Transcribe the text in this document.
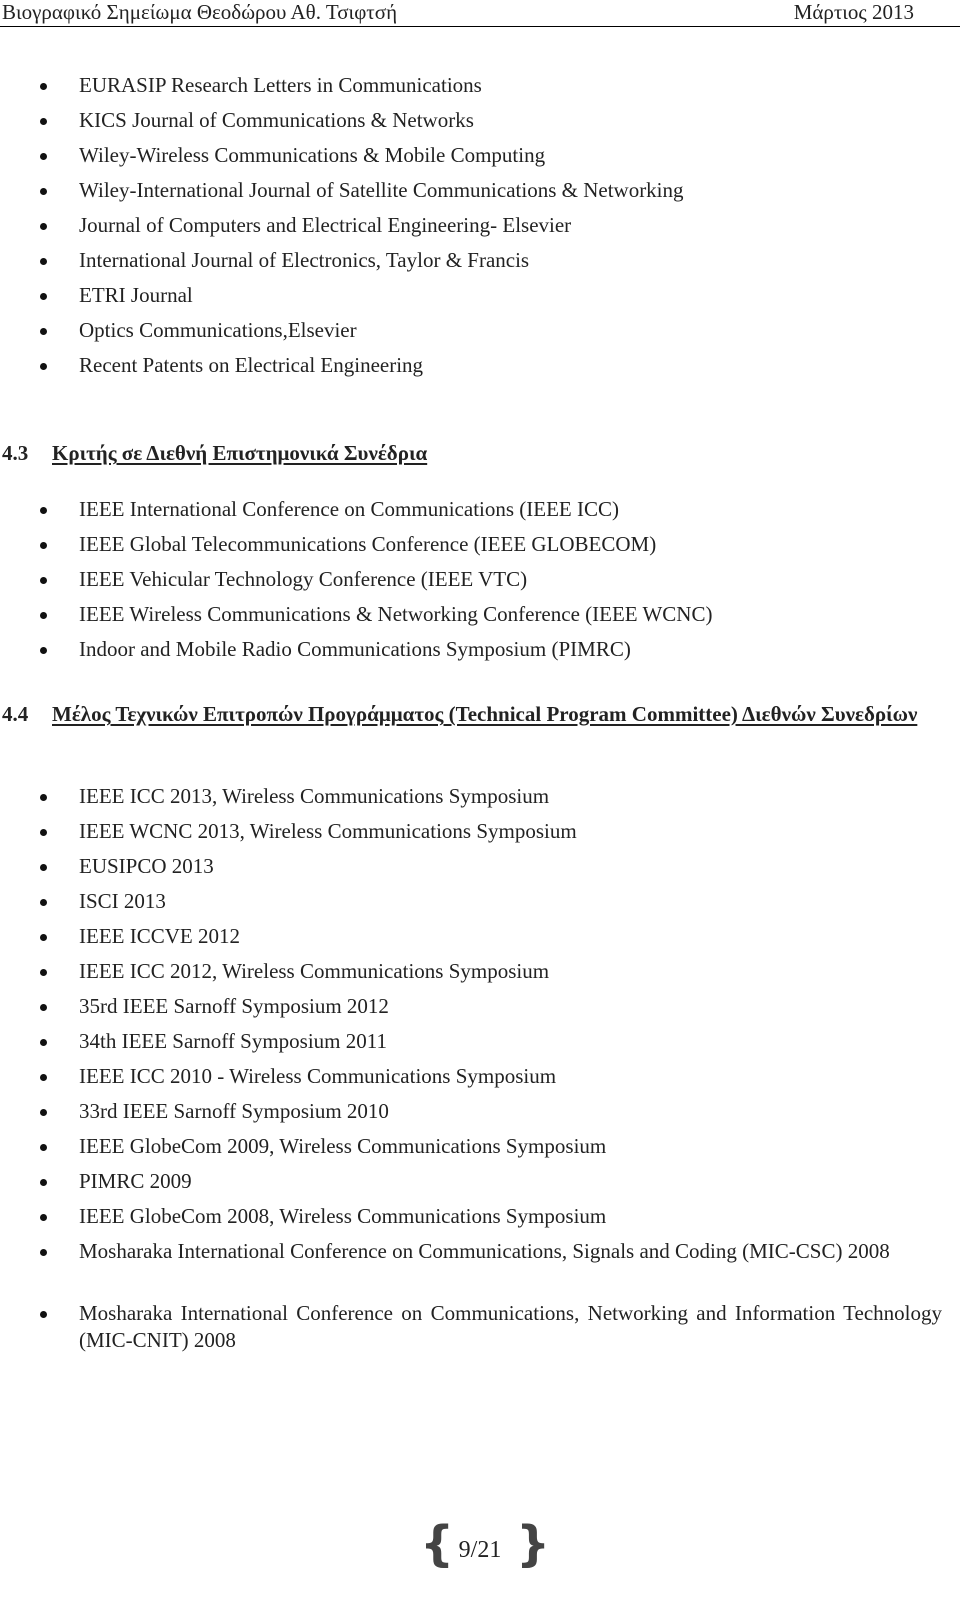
Βιογραφικό Σημείωμα Θεοδώρου Αθ. Τσιφτσή	Μάρτιος 2013
EURASIP Research Letters in Communications
KICS Journal of Communications & Networks
Wiley-Wireless Communications & Mobile Computing
Wiley-International Journal of Satellite Communications & Networking
Journal of Computers and Electrical Engineering- Elsevier
International Journal of Electronics, Taylor & Francis
ETRI Journal
Optics Communications,Elsevier
Recent Patents on Electrical Engineering
4.3 Κριτής σε Διεθνή Επιστημονικά Συνέδρια
IEEE International Conference on Communications (IEEE ICC)
IEEE Global Telecommunications Conference (IEEE GLOBECOM)
IEEE Vehicular Technology Conference (IEEE VTC)
IEEE Wireless Communications & Networking Conference (IEEE WCNC)
Indoor and Mobile Radio Communications Symposium (PIMRC)
4.4 Μέλος Τεχνικών Επιτροπών Προγράμματος (Technical Program Committee) Διεθνών Συνεδρίων
IEEE ICC 2013, Wireless Communications Symposium
IEEE WCNC 2013, Wireless Communications Symposium
EUSIPCO 2013
ISCI 2013
IEEE ICCVE 2012
IEEE ICC 2012, Wireless Communications Symposium
35rd IEEE Sarnoff Symposium 2012
34th IEEE Sarnoff Symposium 2011
IEEE ICC 2010 - Wireless Communications Symposium
33rd IEEE Sarnoff Symposium 2010
IEEE GlobeCom 2009, Wireless Communications Symposium
PIMRC 2009
IEEE GlobeCom 2008, Wireless Communications Symposium
Mosharaka International Conference on Communications, Signals and Coding (MIC-CSC) 2008
Mosharaka International Conference on Communications, Networking and Information Technology (MIC-CNIT) 2008
{ 9/21 }
